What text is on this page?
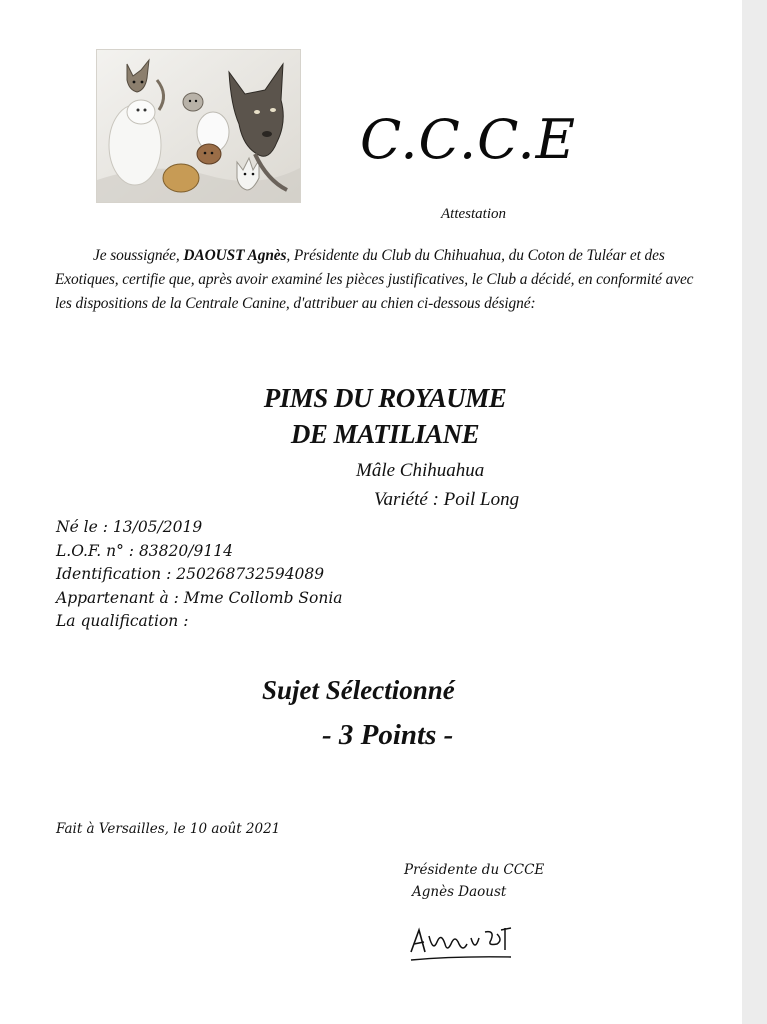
C.C.C.E
Attestation

Je soussignée, DAOUST Agnès, Présidente du Club du Chihuahua, du Coton de Tuléar et des Exotiques, certifie que, après avoir examiné les pièces justificatives, le Club a décidé, en conformité avec les dispositions de la Centrale Canine, d'attribuer au chien ci-dessous désigné:

PIMS DU ROYAUME
DE MATILIANE
Mâle Chihuahua
Variété : Poil Long
Né le : 13/05/2019
L.O.F. n° : 83820/9114
Identification : 250268732594089
Appartenant à : Mme Collomb Sonia
La qualification :
Sujet Sélectionné
- 3 Points -
Fait à Versailles, le 10 août 2021
Présidente du CCCE
Agnès Daoust
